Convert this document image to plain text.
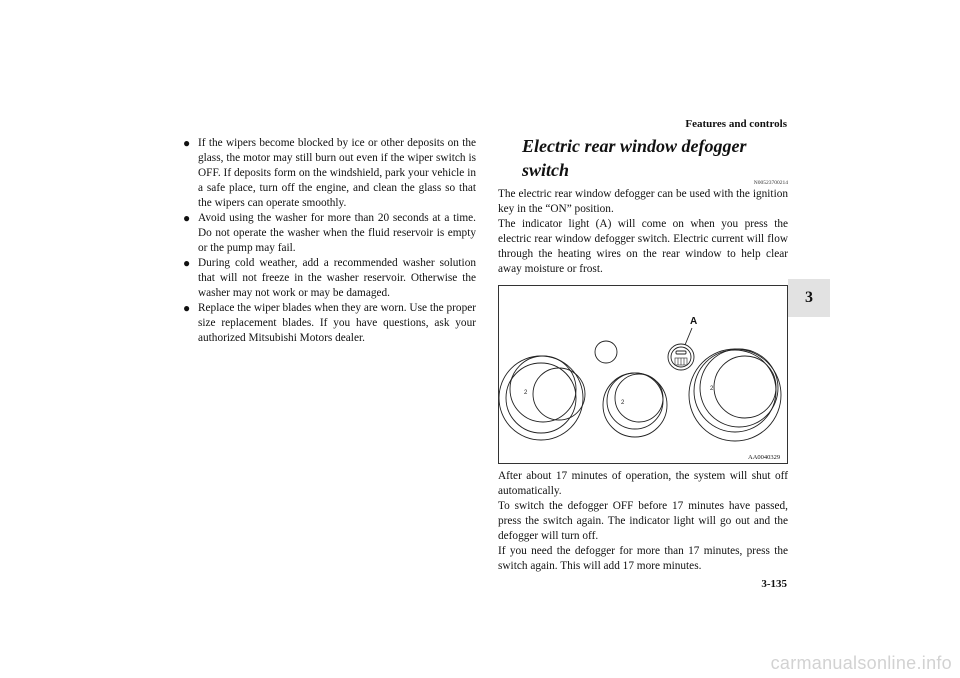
Features and controls
3
● If the wipers become blocked by ice or other deposits on the glass, the motor may still burn out even if the wiper switch is OFF. If deposits form on the windshield, park your vehicle in a safe place, turn off the engine, and clean the glass so that the wipers can operate smoothly.
● Avoid using the washer for more than 20 seconds at a time. Do not operate the washer when the fluid reservoir is empty or the pump may fail.
● During cold weather, add a recommended washer solution that will not freeze in the washer reservoir. Otherwise the washer may not work or may be damaged.
● Replace the wiper blades when they are worn. Use the proper size replacement blades. If you have questions, ask your authorized Mitsubishi Motors dealer.
Electric rear window defogger switch
N00523700214

The electric rear window defogger can be used with the ignition key in the “ON” position.

The indicator light (A) will come on when you press the electric rear window defogger switch. Electric current will flow through the heating wires on the rear window to help clear away moisture or frost.

2
2
2
A
AA0040329

After about 17 minutes of operation, the system will shut off automatically.

To switch the defogger OFF before 17 minutes have passed, press the switch again. The indicator light will go out and the defogger will turn off.

If you need the defogger for more than 17 minutes, press the switch again. This will add 17 more minutes.

3-135
carmanualsonline.info
